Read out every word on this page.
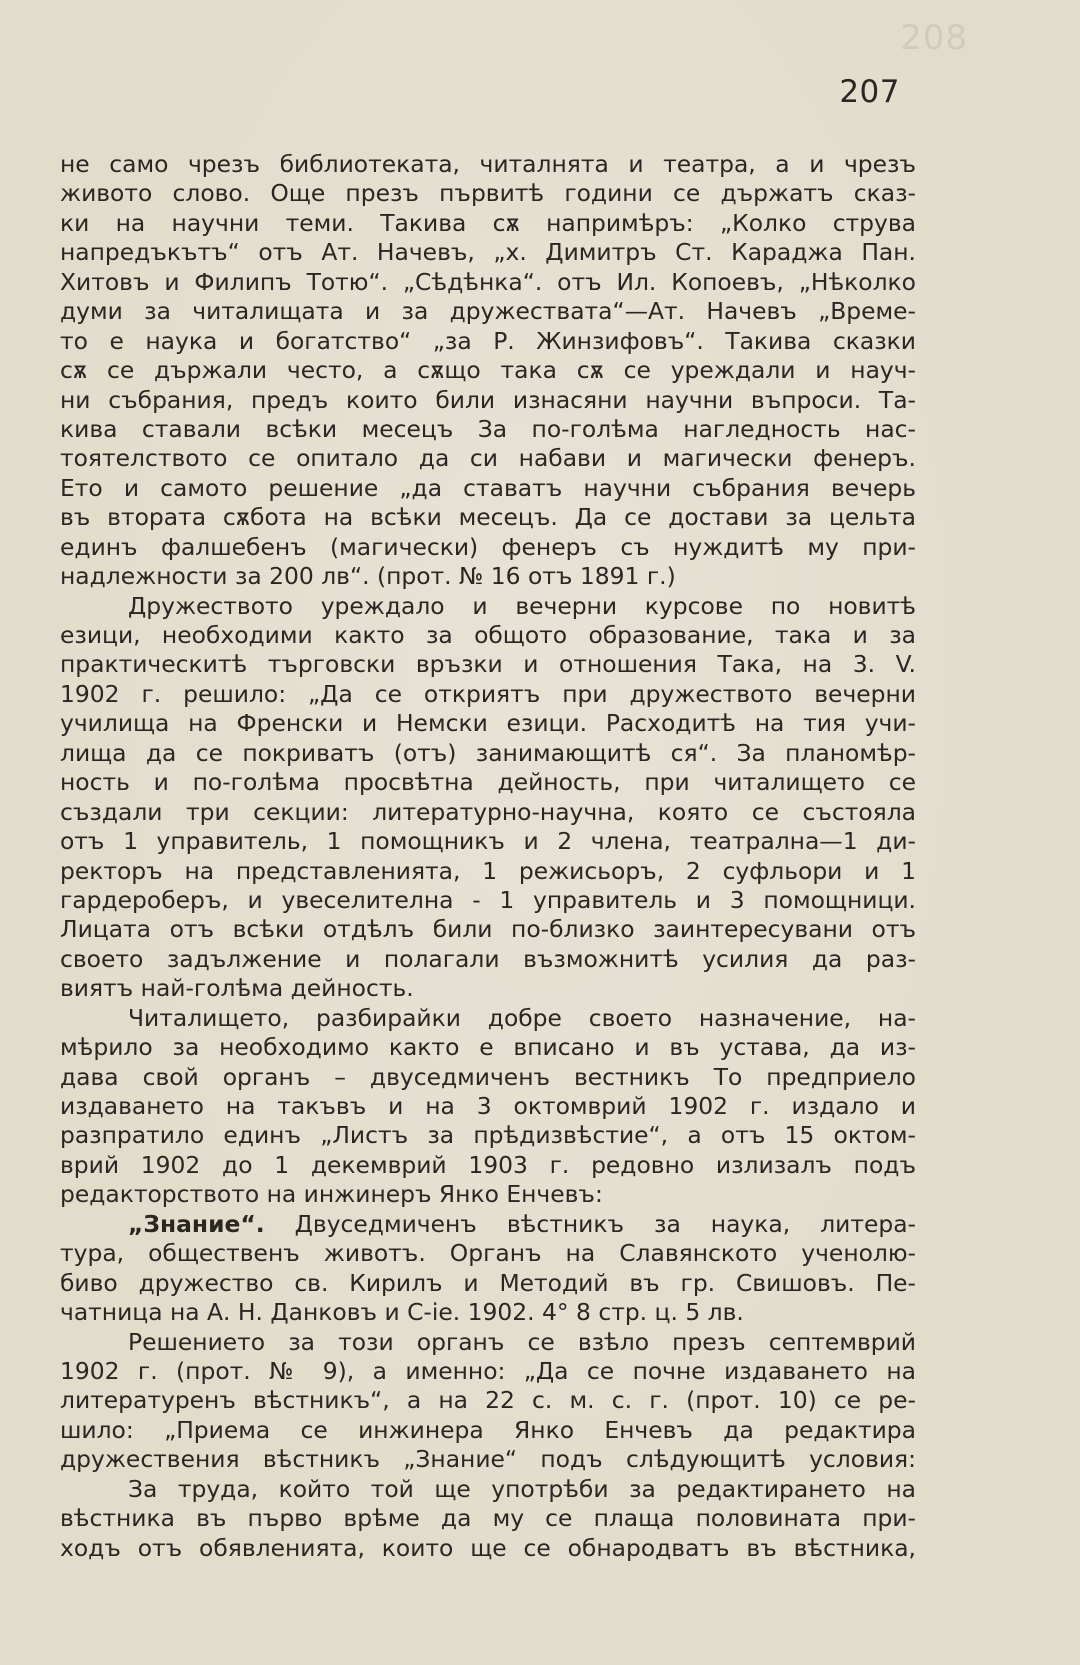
208
207
не само чрезъ библиотеката, читалнята и театра, а и чрезъ
живото слово. Още презъ първитѣ години се държатъ сказ-
ки на научни теми. Такива сѫ напримѣръ: „Колко струва
напредъкътъ“ отъ Ат. Начевъ, „х. Димитръ Ст. Караджа Пан.
Хитовъ и Филипъ Тотю“. „Сѣдѣнка“. отъ Ил. Копоевъ, „Нѣколко
думи за читалищата и за дружествата“—Ат. Начевъ „Време-
то е наука и богатство“ „за Р. Жинзифовъ“. Такива сказки
сѫ се държали често, а сѫщо така сѫ се уреждали и науч-
ни събрания, предъ които били изнасяни научни въпроси. Та-
кива ставали всѣки месецъ За по-голѣма нагледность нас-
тоятелството се опитало да си набави и магически фенеръ.
Ето и самото решение „да ставатъ научни събрания вечерь
въ втората сѫбота на всѣки месецъ. Да се достави за цельта
единъ фалшебенъ (магически) фенеръ съ нуждитѣ му при-
надлежности за 200 лв“. (прот. № 16 отъ 1891 г.)
Дружеството уреждало и вечерни курсове по новитѣ
езици, необходими както за общото образование, така и за
практическитѣ търговски връзки и отношения Така, на 3. V.
1902 г. решило: „Да се откриятъ при дружеството вечерни
училища на Френски и Немски езици. Расходитѣ на тия учи-
лища да се покриватъ (отъ) занимающитѣ ся“. За планомѣр-
ность и по-голѣма просвѣтна дейность, при читалището се
създали три секции: литературно-научна, която се състояла
отъ 1 управитель, 1 помощникъ и 2 члена, театрална—1 ди-
ректоръ на представленията, 1 режисьоръ, 2 суфльори и 1
гардероберъ, и увеселителна - 1 управитель и 3 помощници.
Лицата отъ всѣки отдѣлъ били по-близко заинтересувани отъ
своето задължение и полагали възможнитѣ усилия да раз-
виятъ най-голѣма дейность.
Читалището, разбирайки добре своето назначение, на-
мѣрило за необходимо както е вписано и въ устава, да из-
дава свой органъ – двуседмиченъ вестникъ То предприело
издаването на такъвъ и на 3 октомврий 1902 г. издало и
разпратило единъ „Листъ за прѣдизвѣстие“, а отъ 15 октом-
врий 1902 до 1 декемврий 1903 г. редовно излизалъ подъ
редакторството на инжинеръ Янко Енчевъ:
„Знание“. Двуседмиченъ вѣстникъ за наука, литера-
тура, общественъ животъ. Органъ на Славянското ученолю-
биво дружество св. Кирилъ и Методий въ гр. Свишовъ. Пе-
чатница на А. Н. Данковъ и С-іе. 1902. 4° 8 стр. ц. 5 лв.
Решението за този органъ се взѣло презъ септемврий
1902 г. (прот. № 9), а именно: „Да се почне издаването на
литературенъ вѣстникъ“, а на 22 с. м. с. г. (прот. 10) се ре-
шило: „Приема се инжинера Янко Енчевъ да редактира
дружествения вѣстникъ „Знание“ подъ слѣдующитѣ условия:
За труда, който той ще употрѣби за редактирането на
вѣстника въ първо врѣме да му се плаща половината при-
ходъ отъ обявленията, които ще се обнародватъ въ вѣстника,
